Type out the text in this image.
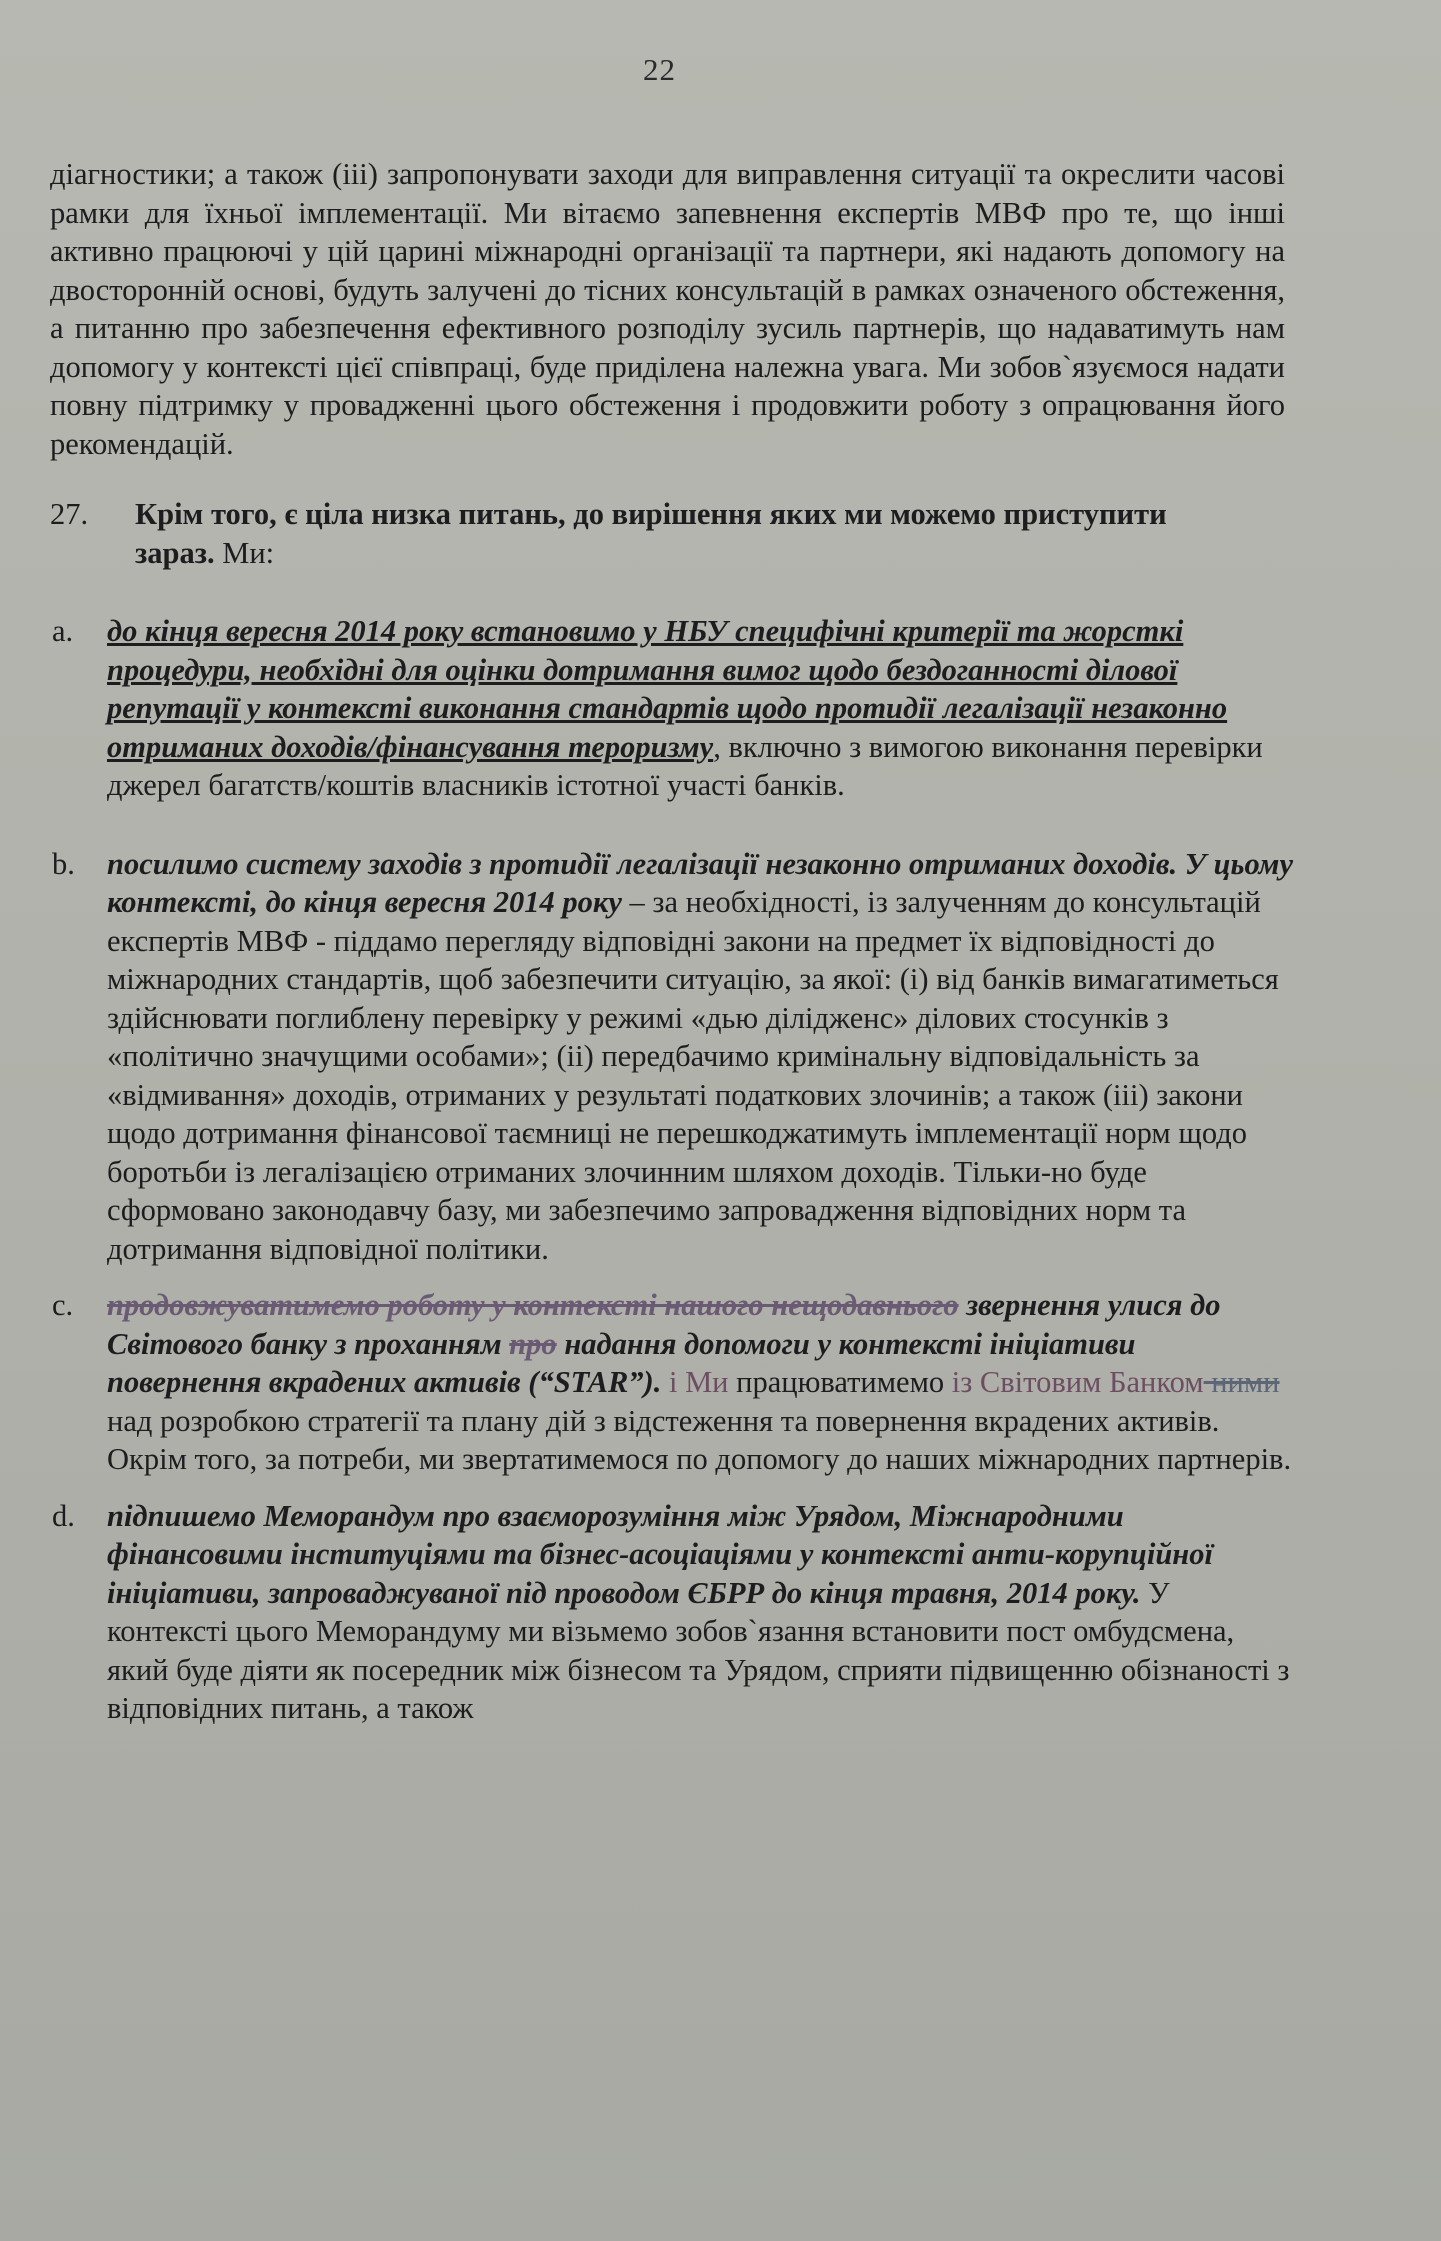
22

діагностики; а також (iii) запропонувати заходи для виправлення ситуації та окреслити часові рамки для їхньої імплементації. Ми вітаємо запевнення експертів МВФ про те, що інші активно працюючі у цій царині міжнародні організації та партнери, які надають допомогу на двосторонній основі, будуть залучені до тісних консультацій в рамках означеного обстеження, а питанню про забезпечення ефективного розподілу зусиль партнерів, що надаватимуть нам допомогу у контексті цієї співпраці, буде приділена належна увага. Ми зобов`язуємося надати повну підтримку у провадженні цього обстеження і продовжити роботу з опрацювання його рекомендацій.

27.	Крім того, є ціла низка питань, до вирішення яких ми можемо приступити зараз. Ми:
a.	до кінця вересня 2014 року встановимо у НБУ специфічні критерії та жорсткі процедури, необхідні для оцінки дотримання вимог щодо бездоганності ділової репутації у контексті виконання стандартів щодо протидії легалізації незаконно отриманих доходів/фінансування тероризму, включно з вимогою виконання перевірки джерел багатств/коштів власників істотної участі банків.
b.	посилимо систему заходів з протидії легалізації незаконно отриманих доходів. У цьому контексті, до кінця вересня 2014 року – за необхідності, із залученням до консультацій експертів МВФ - піддамо перегляду відповідні закони на предмет їх відповідності до міжнародних стандартів, щоб забезпечити ситуацію, за якої: (i) від банків вимагатиметься здійснювати поглиблену перевірку у режимі «дью ділідженс» ділових стосунків з «політично значущими особами»; (ii) передбачимо кримінальну відповідальність за «відмивання» доходів, отриманих у результаті податкових злочинів; а також (iii) закони щодо дотримання фінансової таємниці не перешкоджатимуть імплементації норм щодо боротьби із легалізацією отриманих злочинним шляхом доходів. Тільки-но буде сформовано законодавчу базу, ми забезпечимо запровадження відповідних норм та дотримання відповідної політики.
c.	продовжуватимемо роботу у контексті нашого нещодавнього звернення улися до Світового банку з проханням про надання допомоги у контексті ініціативи повернення вкрадених активів (“STAR”). і Ми працюватимемо із Світовим Банком ними над розробкою стратегії та плану дій з відстеження та повернення вкрадених активів. Окрім того, за потреби, ми звертатимемося по допомогу до наших міжнародних партнерів.
d.	підпишемо Меморандум про взаєморозуміння між Урядом, Міжнародними фінансовими інституціями та бізнес-асоціаціями у контексті анти-корупційної ініціативи, запроваджуваної під проводом ЄБРР до кінця травня, 2014 року. У контексті цього Меморандуму ми візьмемо зобов`язання встановити пост омбудсмена, який буде діяти як посередник між бізнесом та Урядом, сприяти підвищенню обізнаності з відповідних питань, а також
